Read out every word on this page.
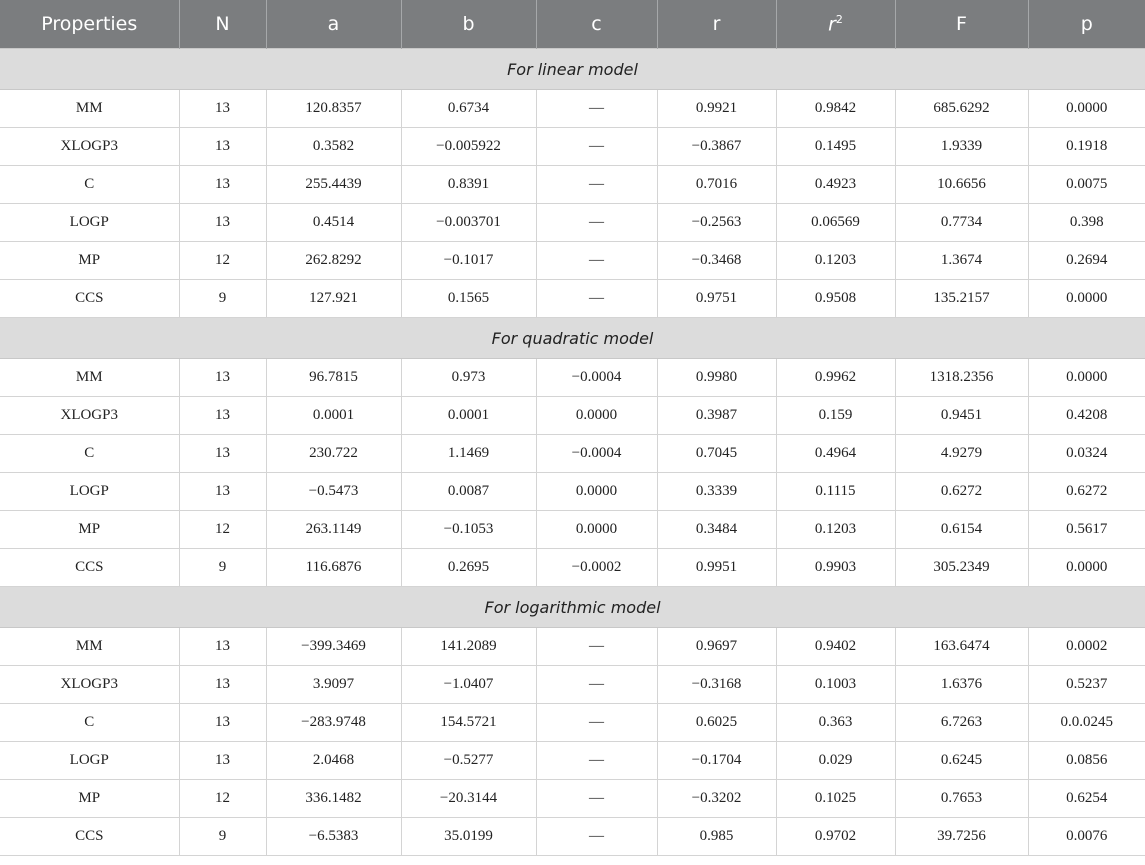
Properties	N	a	b	c	r	$r^2$	F	p
For linear model								
MM	13	120.8357	0.6734	—	0.9921	0.9842	685.6292	0.0000
XLOGP3	13	0.3582	−0.005922	—	−0.3867	0.1495	1.9339	0.1918
C	13	255.4439	0.8391	—	0.7016	0.4923	10.6656	0.0075
LOGP	13	0.4514	−0.003701	—	−0.2563	0.06569	0.7734	0.398
MP	12	262.8292	−0.1017	—	−0.3468	0.1203	1.3674	0.2694
CCS	9	127.921	0.1565	—	0.9751	0.9508	135.2157	0.0000
For quadratic model								
MM	13	96.7815	0.973	−0.0004	0.9980	0.9962	1318.2356	0.0000
XLOGP3	13	0.0001	0.0001	0.0000	0.3987	0.159	0.9451	0.4208
C	13	230.722	1.1469	−0.0004	0.7045	0.4964	4.9279	0.0324
LOGP	13	−0.5473	0.0087	0.0000	0.3339	0.1115	0.6272	0.6272
MP	12	263.1149	−0.1053	0.0000	0.3484	0.1203	0.6154	0.5617
CCS	9	116.6876	0.2695	−0.0002	0.9951	0.9903	305.2349	0.0000
For logarithmic model								
MM	13	−399.3469	141.2089	—	0.9697	0.9402	163.6474	0.0002
XLOGP3	13	3.9097	−1.0407	—	−0.3168	0.1003	1.6376	0.5237
C	13	−283.9748	154.5721	—	0.6025	0.363	6.7263	0.0.0245
LOGP	13	2.0468	−0.5277	—	−0.1704	0.029	0.6245	0.0856
MP	12	336.1482	−20.3144	—	−0.3202	0.1025	0.7653	0.6254
CCS	9	−6.5383	35.0199	—	0.985	0.9702	39.7256	0.0076
